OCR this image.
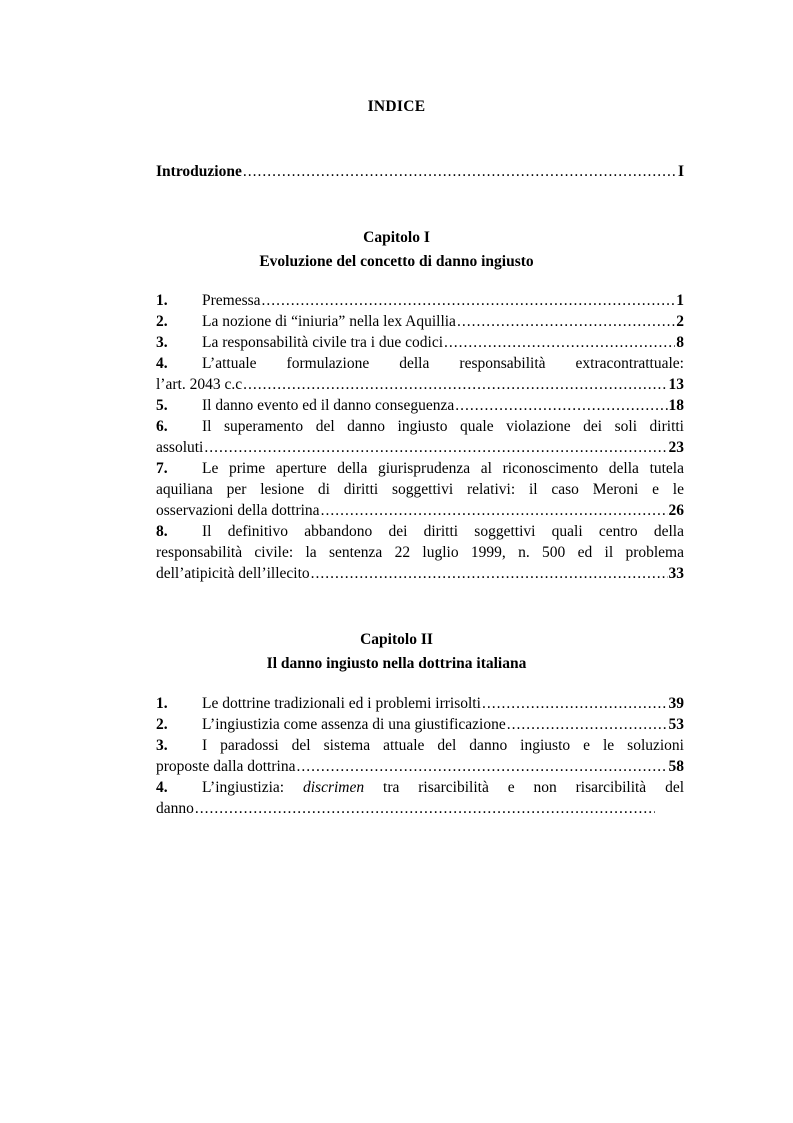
INDICE
Introduzione .....	I
Capitolo I
Evoluzione del concetto di danno ingiusto
1.	Premessa .....	1
2.	La nozione di “iniuria” nella lex Aquillia .....	2
3.	La responsabilità civile tra i due codici .....	8
4. L’attuale formulazione della responsabilità extracontrattuale:
l’art. 2043 c.c .....	13
5.	Il danno evento ed il danno conseguenza .....	18
6. Il superamento del danno ingiusto quale violazione dei soli diritti
assoluti .....	23
7. Le prime aperture della giurisprudenza al riconoscimento della tutela
aquiliana per lesione di diritti soggettivi relativi: il caso Meroni e le
osservazioni della dottrina .....	26
8. Il definitivo abbandono dei diritti soggettivi quali centro della
responsabilità civile: la sentenza 22 luglio 1999, n. 500 ed il problema
dell’atipicità dell’illecito .....	33
Capitolo II
Il danno ingiusto nella dottrina italiana
1.	Le dottrine tradizionali ed i problemi irrisolti .....	39
2.	L’ingiustizia come assenza di una giustificazione .....	53
3. I paradossi del sistema attuale del danno ingiusto e le soluzioni
proposte dalla dottrina .....	58
4. L’ingiustizia: discrimen tra risarcibilità e non risarcibilità del
danno
.....
